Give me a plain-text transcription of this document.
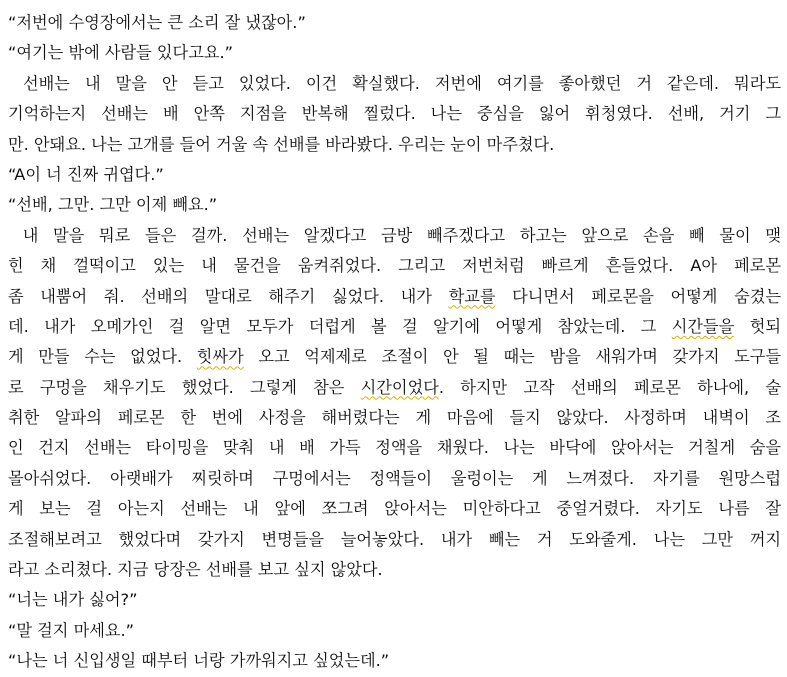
“저번에 수영장에서는 큰 소리 잘 냈잖아.”
“여기는 밖에 사람들 있다고요.”
선배는 내 말을 안 듣고 있었다. 이건 확실했다. 저번에 여기를 좋아했던 거 같은데. 뭐라도
기억하는지 선배는 배 안쪽 지점을 반복해 찔렀다. 나는 중심을 잃어 휘청였다. 선배, 거기 그
만. 안돼요. 나는 고개를 들어 거울 속 선배를 바라봤다. 우리는 눈이 마주쳤다.
“A이 너 진짜 귀엽다.”
“선배, 그만. 그만 이제 빼요.”
내 말을 뭐로 들은 걸까. 선배는 알겠다고 금방 빼주겠다고 하고는 앞으로 손을 빼 물이 맺
힌 채 껄떡이고 있는 내 물건을 움켜쥐었다. 그리고 저번처럼 빠르게 흔들었다. A아 페로몬
좀 내뿜어 줘. 선배의 말대로 해주기 싫었다. 내가 학교를 다니면서 페로몬을 어떻게 숨겼는
데. 내가 오메가인 걸 알면 모두가 더럽게 볼 걸 알기에 어떻게 참았는데. 그 시간들을 헛되
게 만들 수는 없었다. 힛싸가 오고 억제제로 조절이 안 될 때는 밤을 새워가며 갖가지 도구들
로 구멍을 채우기도 했었다. 그렇게 참은 시간이었다. 하지만 고작 선배의 페로몬 하나에, 술
취한 알파의 페로몬 한 번에 사정을 해버렸다는 게 마음에 들지 않았다. 사정하며 내벽이 조
인 건지 선배는 타이밍을 맞춰 내 배 가득 정액을 채웠다. 나는 바닥에 앉아서는 거칠게 숨을
몰아쉬었다. 아랫배가 찌릿하며 구멍에서는 정액들이 울렁이는 게 느껴졌다. 자기를 원망스럽
게 보는 걸 아는지 선배는 내 앞에 쪼그려 앉아서는 미안하다고 중얼거렸다. 자기도 나름 잘
조절해보려고 했었다며 갖가지 변명들을 늘어놓았다. 내가 빼는 거 도와줄게. 나는 그만 꺼지
라고 소리쳤다. 지금 당장은 선배를 보고 싶지 않았다.
“너는 내가 싫어?”
“말 걸지 마세요.”
“나는 너 신입생일 때부터 너랑 가까워지고 싶었는데.”
